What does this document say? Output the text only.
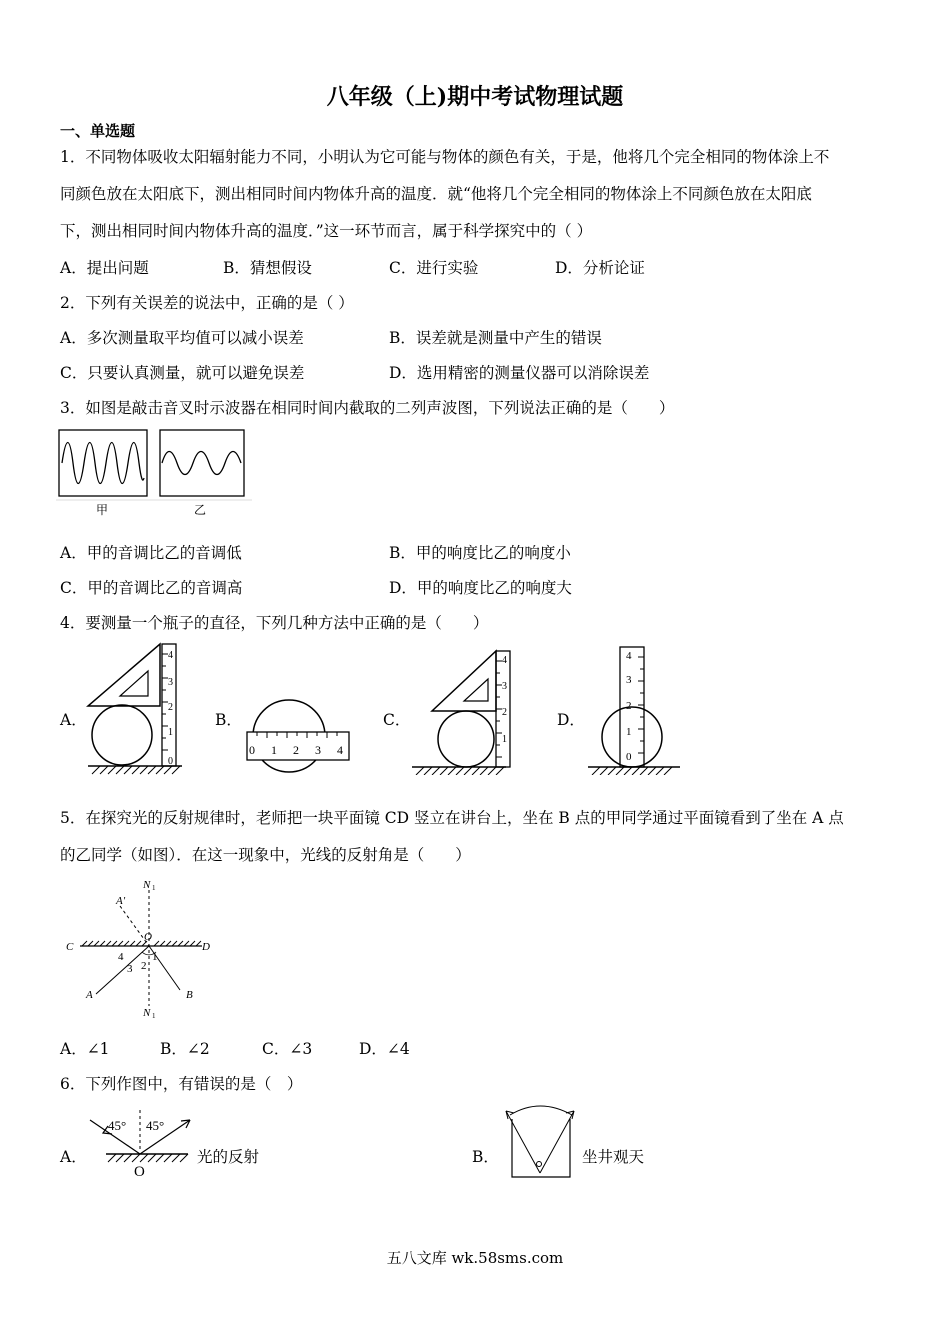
八年级（上)期中考试物理试题
一、单选题
1．不同物体吸收太阳辐射能力不同，小明认为它可能与物体的颜色有关，于是，他将几个完全相同的物体涂上不
同颜色放在太阳底下，测出相同时间内物体升高的温度．就“他将几个完全相同的物体涂上不同颜色放在太阳底
下，测出相同时间内物体升高的温度．”这一环节而言，属于科学探究中的（ ）
A．提出问题	B．猜想假设	C．进行实验	D．分析论证
2．下列有关误差的说法中，正确的是（ ）
A．多次测量取平均值可以减小误差	B．误差就是测量中产生的错误
C．只要认真测量，就可以避免误差	D．选用精密的测量仪器可以消除误差
3．如图是敲击音叉时示波器在相同时间内截取的二列声波图，下列说法正确的是（　　）
甲	乙
A．甲的音调比乙的音调低	B．甲的响度比乙的响度小
C．甲的音调比乙的音调高	D．甲的响度比乙的响度大
4．要测量一个瓶子的直径，下列几种方法中正确的是（　　）
A．	B．	C．	D．
0
1
2
3
4
0 1 2 3 4
1
2
3
4
0
1
2
3
4
5．在探究光的反射规律时，老师把一块平面镜 CD 竖立在讲台上，坐在 B 点的甲同学通过平面镜看到了坐在 A 点
的乙同学（如图）．在这一现象中，光线的反射角是（　　）
N 1
A′
O
C	D
A	B
1
2
3
4
N 1
A．∠1	B．∠2	C．∠3	D．∠4
6．下列作图中，有错误的是（　）
A．
45° 45°
O
光的反射	B．	坐井观天
五八文库 wk.58sms.com
